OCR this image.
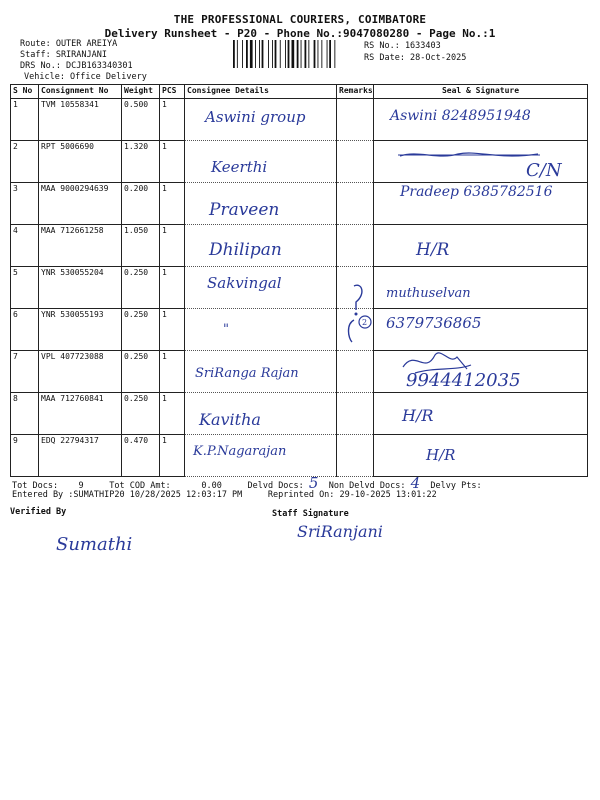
THE PROFESSIONAL COURIERS, COIMBATORE
Delivery Runsheet - P20 - Phone No.:9047080280 - Page No.:1
Route: OUTER AREIYA
Staff: SRIRANJANI
DRS No.: DCJB163340301
Vehicle: Office Delivery
RS No.: 1633403
RS Date: 28-Oct-2025
S No	Consignment No	Weight	PCS	Consignee Details	Remarks	Seal & Signature
1	TVM 10558341	0.500	1	Aswini group		Aswini 8248951948

2	RPT 5006690	1.320	1	Keerthi		C/N

3	MAA 9000294639	0.200	1	Praveen		Pradeep 6385782516

4	MAA 712661258	1.050	1	Dhilipan		H/R

5	YNR 530055204	0.250	1	Sakvingal		muthuselvan

6	YNR 530055193	0.250	1	"		6379736865

7	VPL 407723088	0.250	1	SriRanga Rajan		9944412035

8	MAA 712760841	0.250	1	Kavitha		H/R

9	EDQ 22794317	0.470	1	K.P.Nagarajan		H/R
2
Tot Docs: 9	Tot COD Amt:	0.00	Delvd Docs: 5 Non Delvd Docs: 4 Delvy Pts:
Entered By :SUMATHIP20 10/28/2025 12:03:17 PM	Reprinted On: 29-10-2025 13:01:22
Verified By	Staff Signature
Sumathi
SriRanjani
